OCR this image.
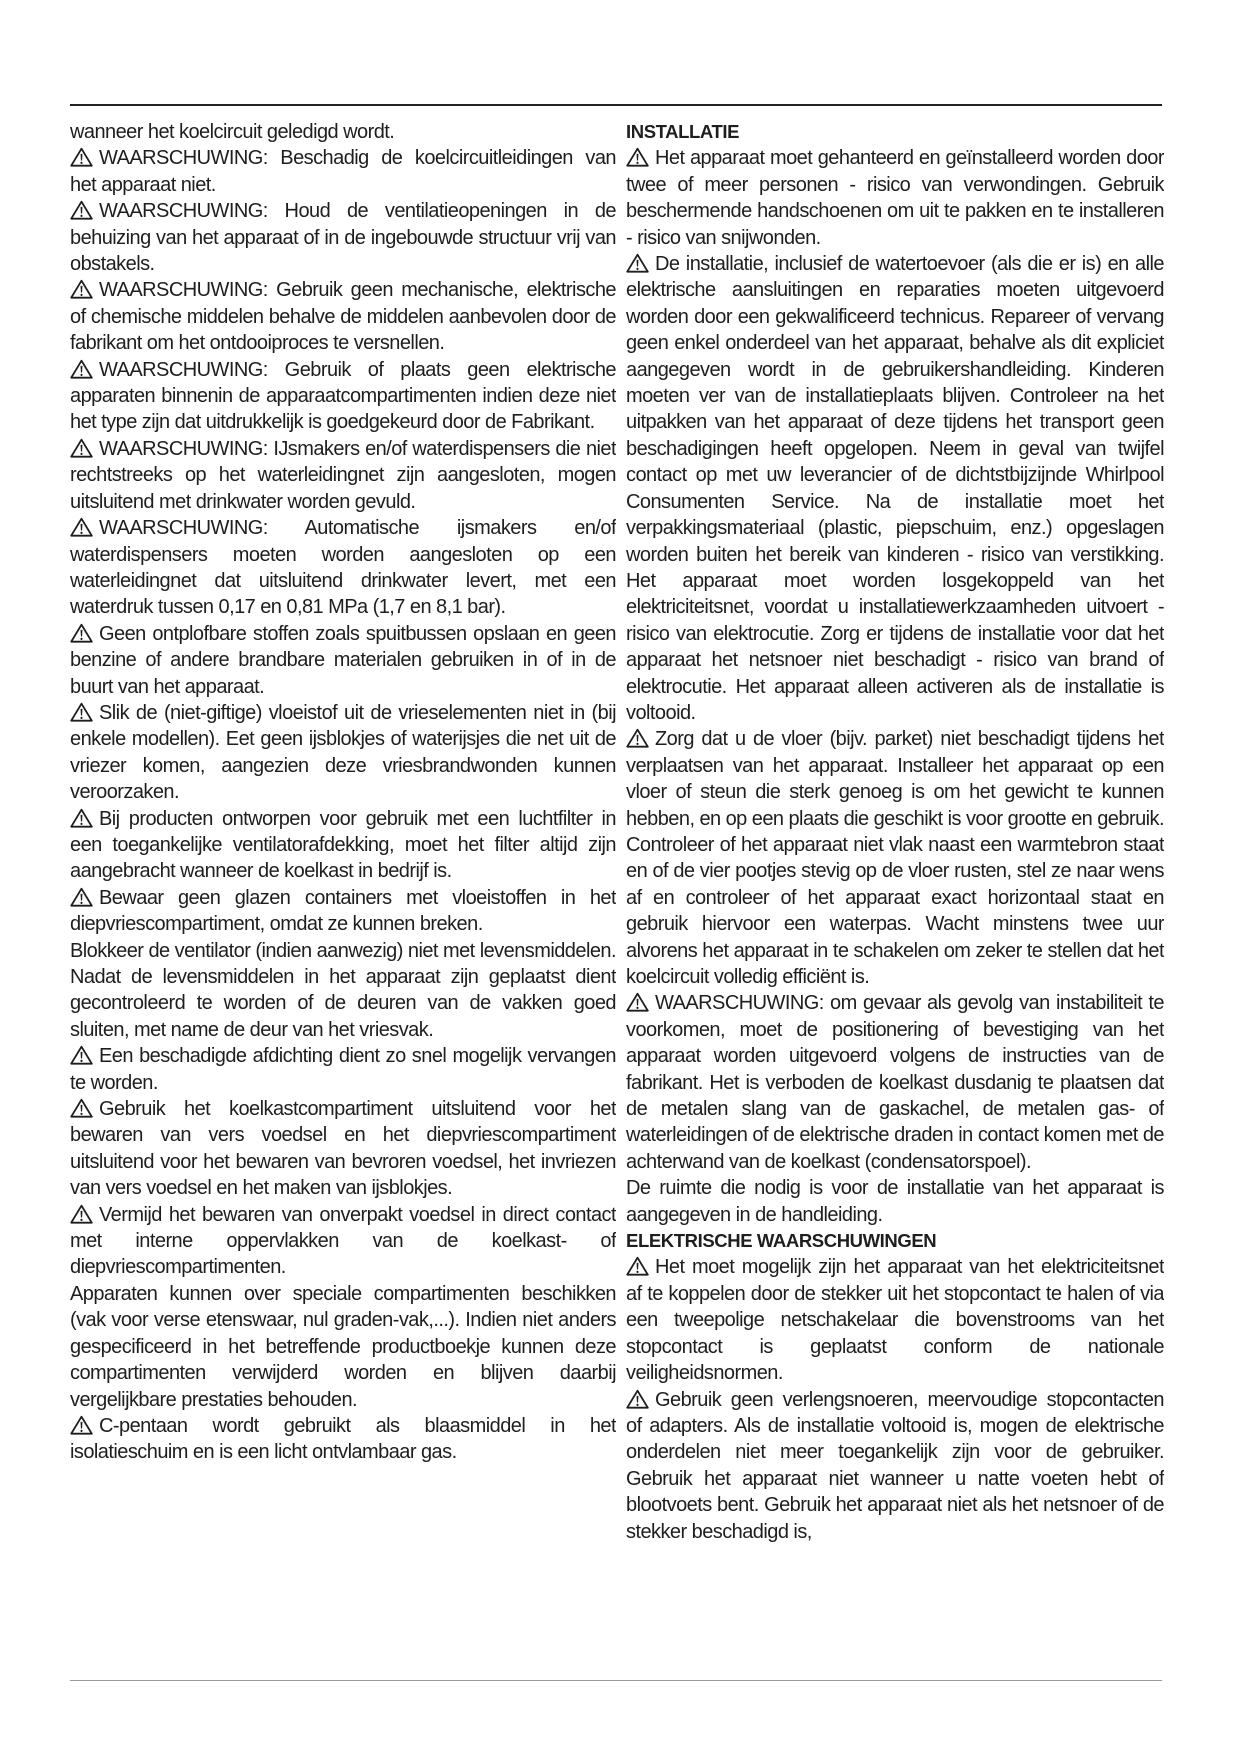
wanneer het koelcircuit geledigd wordt.

WAARSCHUWING: Beschadig de koelcircuitleidingen van het apparaat niet.

WAARSCHUWING: Houd de ventilatieopeningen in de behuizing van het apparaat of in de ingebouwde structuur vrij van obstakels.

WAARSCHUWING: Gebruik geen mechanische, elektrische of chemische middelen behalve de middelen aanbevolen door de fabrikant om het ontdooiproces te versnellen.

WAARSCHUWING: Gebruik of plaats geen elektrische apparaten binnenin de apparaatcompartimenten indien deze niet het type zijn dat uitdrukkelijk is goedgekeurd door de Fabrikant.

WAARSCHUWING: IJsmakers en/of waterdispensers die niet rechtstreeks op het waterleidingnet zijn aangesloten, mogen uitsluitend met drinkwater worden gevuld.

WAARSCHUWING: Automatische ijsmakers en/of waterdispensers moeten worden aangesloten op een waterleidingnet dat uitsluitend drinkwater levert, met een waterdruk tussen 0,17 en 0,81 MPa (1,7 en 8,1 bar).

Geen ontplofbare stoffen zoals spuitbussen opslaan en geen benzine of andere brandbare materialen gebruiken in of in de buurt van het apparaat.

Slik de (niet-giftige) vloeistof uit de vrieselementen niet in (bij enkele modellen). Eet geen ijsblokjes of waterijsjes die net uit de vriezer komen, aangezien deze vriesbrandwonden kunnen veroorzaken.

Bij producten ontworpen voor gebruik met een luchtfilter in een toegankelijke ventilatorafdekking, moet het filter altijd zijn aangebracht wanneer de koelkast in bedrijf is.

Bewaar geen glazen containers met vloeistoffen in het diepvriescompartiment, omdat ze kunnen breken.

Blokkeer de ventilator (indien aanwezig) niet met levensmiddelen. Nadat de levensmiddelen in het apparaat zijn geplaatst dient gecontroleerd te worden of de deuren van de vakken goed sluiten, met name de deur van het vriesvak.

Een beschadigde afdichting dient zo snel mogelijk vervangen te worden.

Gebruik het koelkastcompartiment uitsluitend voor het bewaren van vers voedsel en het diepvriescompartiment uitsluitend voor het bewaren van bevroren voedsel, het invriezen van vers voedsel en het maken van ijsblokjes.

Vermijd het bewaren van onverpakt voedsel in direct contact met interne oppervlakken van de koelkast- of diepvriescompartimenten.

Apparaten kunnen over speciale compartimenten beschikken (vak voor verse etenswaar, nul graden-vak,...). Indien niet anders gespecificeerd in het betreffende productboekje kunnen deze compartimenten verwijderd worden en blijven daarbij vergelijkbare prestaties behouden.

C-pentaan wordt gebruikt als blaasmiddel in het isolatieschuim en is een licht ontvlambaar gas.

INSTALLATIE

Het apparaat moet gehanteerd en geïnstalleerd worden door twee of meer personen - risico van verwondingen. Gebruik beschermende handschoenen om uit te pakken en te installeren - risico van snijwonden.

De installatie, inclusief de watertoevoer (als die er is) en alle elektrische aansluitingen en reparaties moeten uitgevoerd worden door een gekwalificeerd technicus. Repareer of vervang geen enkel onderdeel van het apparaat, behalve als dit expliciet aangegeven wordt in de gebruikershandleiding. Kinderen moeten ver van de installatieplaats blijven. Controleer na het uitpakken van het apparaat of deze tijdens het transport geen beschadigingen heeft opgelopen. Neem in geval van twijfel contact op met uw leverancier of de dichtstbijzijnde Whirlpool Consumenten Service. Na de installatie moet het verpakkingsmateriaal (plastic, piepschuim, enz.) opgeslagen worden buiten het bereik van kinderen - risico van verstikking. Het apparaat moet worden losgekoppeld van het elektriciteitsnet, voordat u installatiewerkzaamheden uitvoert - risico van elektrocutie. Zorg er tijdens de installatie voor dat het apparaat het netsnoer niet beschadigt - risico van brand of elektrocutie. Het apparaat alleen activeren als de installatie is voltooid.

Zorg dat u de vloer (bijv. parket) niet beschadigt tijdens het verplaatsen van het apparaat. Installeer het apparaat op een vloer of steun die sterk genoeg is om het gewicht te kunnen hebben, en op een plaats die geschikt is voor grootte en gebruik. Controleer of het apparaat niet vlak naast een warmtebron staat en of de vier pootjes stevig op de vloer rusten, stel ze naar wens af en controleer of het apparaat exact horizontaal staat en gebruik hiervoor een waterpas. Wacht minstens twee uur alvorens het apparaat in te schakelen om zeker te stellen dat het koelcircuit volledig efficiënt is.

WAARSCHUWING: om gevaar als gevolg van instabiliteit te voorkomen, moet de positionering of bevestiging van het apparaat worden uitgevoerd volgens de instructies van de fabrikant. Het is verboden de koelkast dusdanig te plaatsen dat de metalen slang van de gaskachel, de metalen gas- of waterleidingen of de elektrische draden in contact komen met de achterwand van de koelkast (condensatorspoel).

De ruimte die nodig is voor de installatie van het apparaat is aangegeven in de handleiding.

ELEKTRISCHE WAARSCHUWINGEN

Het moet mogelijk zijn het apparaat van het elektriciteitsnet af te koppelen door de stekker uit het stopcontact te halen of via een tweepolige netschakelaar die bovenstrooms van het stopcontact is geplaatst conform de nationale veiligheidsnormen.

Gebruik geen verlengsnoeren, meervoudige stopcontacten of adapters. Als de installatie voltooid is, mogen de elektrische onderdelen niet meer toegankelijk zijn voor de gebruiker. Gebruik het apparaat niet wanneer u natte voeten hebt of blootvoets bent. Gebruik het apparaat niet als het netsnoer of de stekker beschadigd is,
